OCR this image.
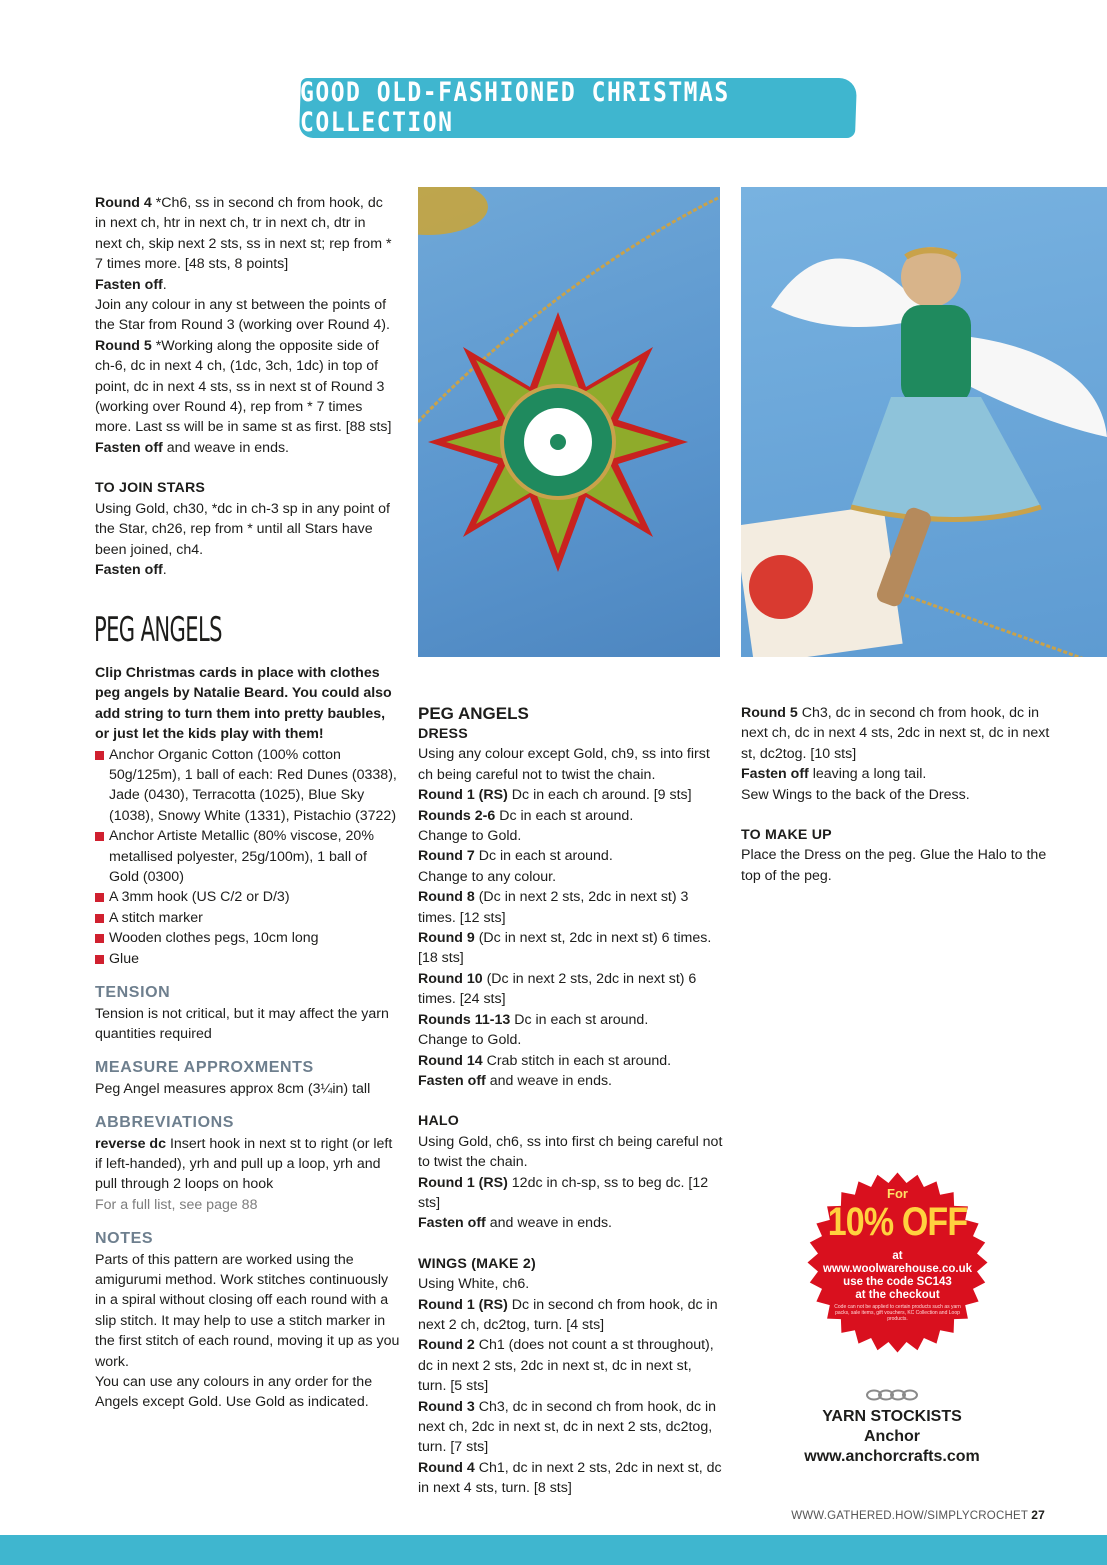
GOOD OLD-FASHIONED CHRISTMAS COLLECTION

Round 4 *Ch6, ss in second ch from hook, dc in next ch, htr in next ch, tr in next ch, dtr in next ch, skip next 2 sts, ss in next st; rep from * 7 times more. [48 sts, 8 points]

Fasten off.

Join any colour in any st between the points of the Star from Round 3 (working over Round 4).

Round 5 *Working along the opposite side of ch-6, dc in next 4 ch, (1dc, 3ch, 1dc) in top of point, dc in next 4 sts, ss in next st of Round 3 (working over Round 4), rep from * 7 times more. Last ss will be in same st as first. [88 sts]

Fasten off and weave in ends.

TO JOIN STARS

Using Gold, ch30, *dc in ch-3 sp in any point of the Star, ch26, rep from * until all Stars have been joined, ch4.

Fasten off.

PEG ANGELS

Clip Christmas cards in place with clothes peg angels by Natalie Beard. You could also add string to turn them into pretty baubles, or just let the kids play with them!

Anchor Organic Cotton (100% cotton 50g/125m), 1 ball of each: Red Dunes (0338), Jade (0430), Terracotta (1025), Blue Sky (1038), Snowy White (1331), Pistachio (3722)
Anchor Artiste Metallic (80% viscose, 20% metallised polyester, 25g/100m), 1 ball of Gold (0300)
A 3mm hook (US C/2 or D/3)
A stitch marker
Wooden clothes pegs, 10cm long
Glue

TENSION

Tension is not critical, but it may affect the yarn quantities required

MEASURE APPROXMENTS

Peg Angel measures approx 8cm (3¼in) tall

ABBREVIATIONS

reverse dc Insert hook in next st to right (or left if left-handed), yrh and pull up a loop, yrh and pull through 2 loops on hook

For a full list, see page 88

NOTES

Parts of this pattern are worked using the amigurumi method. Work stitches continuously in a spiral without closing off each round with a slip stitch. It may help to use a stitch marker in the first stitch of each round, moving it up as you work.

You can use any colours in any order for the Angels except Gold. Use Gold as indicated.

PEG ANGELS

DRESS

Using any colour except Gold, ch9, ss into first ch being careful not to twist the chain.

Round 1 (RS) Dc in each ch around. [9 sts]

Rounds 2-6 Dc in each st around.

Change to Gold.

Round 7 Dc in each st around.

Change to any colour.

Round 8 (Dc in next 2 sts, 2dc in next st) 3 times. [12 sts]

Round 9 (Dc in next st, 2dc in next st) 6 times. [18 sts]

Round 10 (Dc in next 2 sts, 2dc in next st) 6 times. [24 sts]

Rounds 11-13 Dc in each st around.

Change to Gold.

Round 14 Crab stitch in each st around.

Fasten off and weave in ends.

HALO

Using Gold, ch6, ss into first ch being careful not to twist the chain.

Round 1 (RS) 12dc in ch-sp, ss to beg dc. [12 sts]

Fasten off and weave in ends.

WINGS (MAKE 2)

Using White, ch6.

Round 1 (RS) Dc in second ch from hook, dc in next 2 ch, dc2tog, turn. [4 sts]

Round 2 Ch1 (does not count a st throughout), dc in next 2 sts, 2dc in next st, dc in next st, turn. [5 sts]

Round 3 Ch3, dc in second ch from hook, dc in next ch, 2dc in next st, dc in next 2 sts, dc2tog, turn. [7 sts]

Round 4 Ch1, dc in next 2 sts, 2dc in next st, dc in next 4 sts, turn. [8 sts]

Round 5 Ch3, dc in second ch from hook, dc in next ch, dc in next 4 sts, 2dc in next st, dc in next st, dc2tog. [10 sts]

Fasten off leaving a long tail.

Sew Wings to the back of the Dress.

TO MAKE UP

Place the Dress on the peg. Glue the Halo to the top of the peg.

For
10% OFF
at
www.woolwarehouse.co.uk
use the code SC143
at the checkout
Code can not be applied to certain products such as yarn packs, sale items, gift vouchers, KC Collection and Loop products.

YARN STOCKISTS

Anchor

www.anchorcrafts.com

WWW.GATHERED.HOW/SIMPLYCROCHET 27
